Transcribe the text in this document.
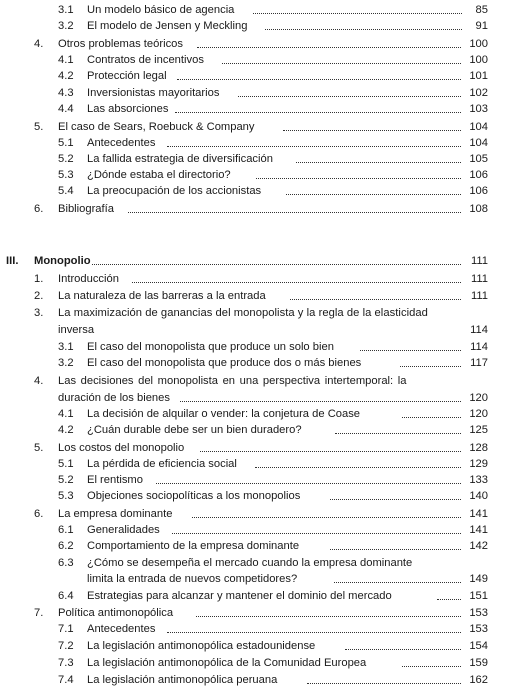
3.1 Un modelo básico de agencia	85
3.2 El modelo de Jensen y Meckling	91
4. Otros problemas teóricos	100
4.1 Contratos de incentivos	100
4.2 Protección legal	101
4.3 Inversionistas mayoritarios	102
4.4 Las absorciones	103
5. El caso de Sears, Roebuck & Company	104
5.1 Antecedentes	104
5.2 La fallida estrategia de diversificación	105
5.3 ¿Dónde estaba el directorio?	106
5.4 La preocupación de los accionistas	106
6. Bibliografía	108
III. Monopolio	111
1. Introducción	111
2. La naturaleza de las barreras a la entrada	111
3. La maximización de ganancias del monopolista y la regla de la elasticidad
inversa	114
3.1 El caso del monopolista que produce un solo bien	114
3.2 El caso del monopolista que produce dos o más bienes	117
4. Las decisiones del monopolista en una perspectiva intertemporal: la
duración de los bienes	120
4.1 La decisión de alquilar o vender: la conjetura de Coase	120
4.2 ¿Cuán durable debe ser un bien duradero?	125
5. Los costos del monopolio	128
5.1 La pérdida de eficiencia social	129
5.2 El rentismo	133
5.3 Objeciones sociopolíticas a los monopolios	140
6. La empresa dominante	141
6.1 Generalidades	141
6.2 Comportamiento de la empresa dominante	142
6.3 ¿Cómo se desempeña el mercado cuando la empresa dominante
limita la entrada de nuevos competidores?	149
6.4 Estrategias para alcanzar y mantener el dominio del mercado	151
7. Política antimonopólica	153
7.1 Antecedentes	153
7.2 La legislación antimonopólica estadounidense	154
7.3 La legislación antimonopólica de la Comunidad Europea	159
7.4 La legislación antimonopólica peruana	162
